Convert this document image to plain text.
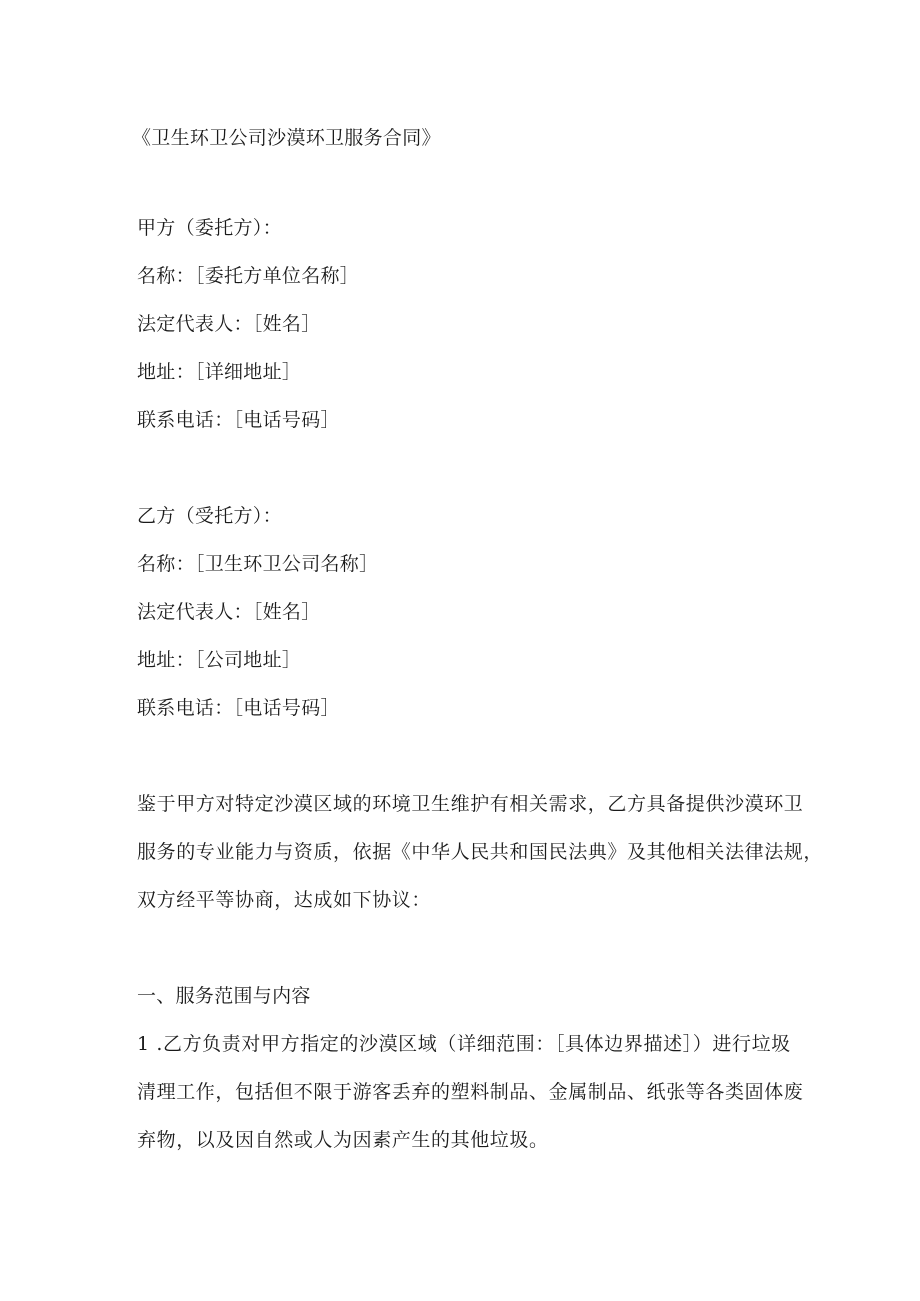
《卫生环卫公司沙漠环卫服务合同》
甲方（委托方）：
名称：［委托方单位名称］
法定代表人：［姓名］
地址：［详细地址］
联系电话：［电话号码］
乙方（受托方）：
名称：［卫生环卫公司名称］
法定代表人：［姓名］
地址：［公司地址］
联系电话：［电话号码］
鉴于甲方对特定沙漠区域的环境卫生维护有相关需求，乙方具备提供沙漠环卫
服务的专业能力与资质，依据《中华人民共和国民法典》及其他相关法律法规，
双方经平等协商，达成如下协议：
一、服务范围与内容
1 .乙方负责对甲方指定的沙漠区域（详细范围：［具体边界描述］）进行垃圾
清理工作，包括但不限于游客丢弃的塑料制品、金属制品、纸张等各类固体废
弃物，以及因自然或人为因素产生的其他垃圾。
